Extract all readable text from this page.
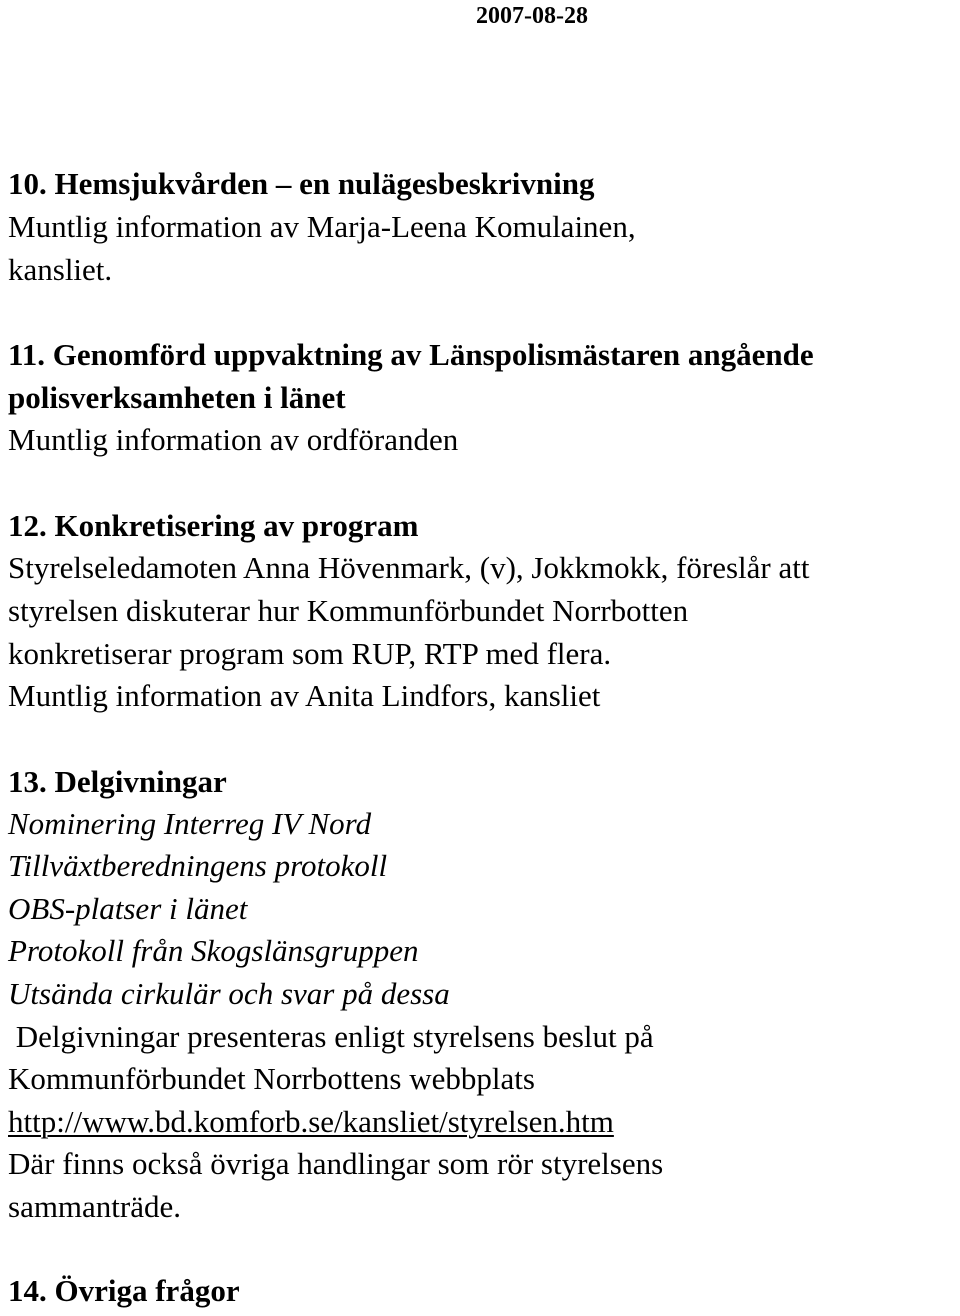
2007-08-28
10. Hemsjukvården – en nulägesbeskrivning
Muntlig information av Marja-Leena Komulainen,
kansliet.
11. Genomförd uppvaktning av Länspolismästaren angående
polisverksamheten i länet
Muntlig information av ordföranden
12. Konkretisering av program
Styrelseledamoten Anna Hövenmark, (v), Jokkmokk, föreslår att
styrelsen diskuterar hur Kommunförbundet Norrbotten
konkretiserar program som RUP, RTP med flera.
Muntlig information av Anita Lindfors, kansliet
13. Delgivningar
Nominering Interreg IV Nord
Tillväxtberedningens protokoll
OBS-platser i länet
Protokoll från Skogslänsgruppen
Utsända cirkulär och svar på dessa
Delgivningar presenteras enligt styrelsens beslut på
Kommunförbundet Norrbottens webbplats
http://www.bd.komforb.se/kansliet/styrelsen.htm
Där finns också övriga handlingar som rör styrelsens
sammanträde.
14. Övriga frågor
